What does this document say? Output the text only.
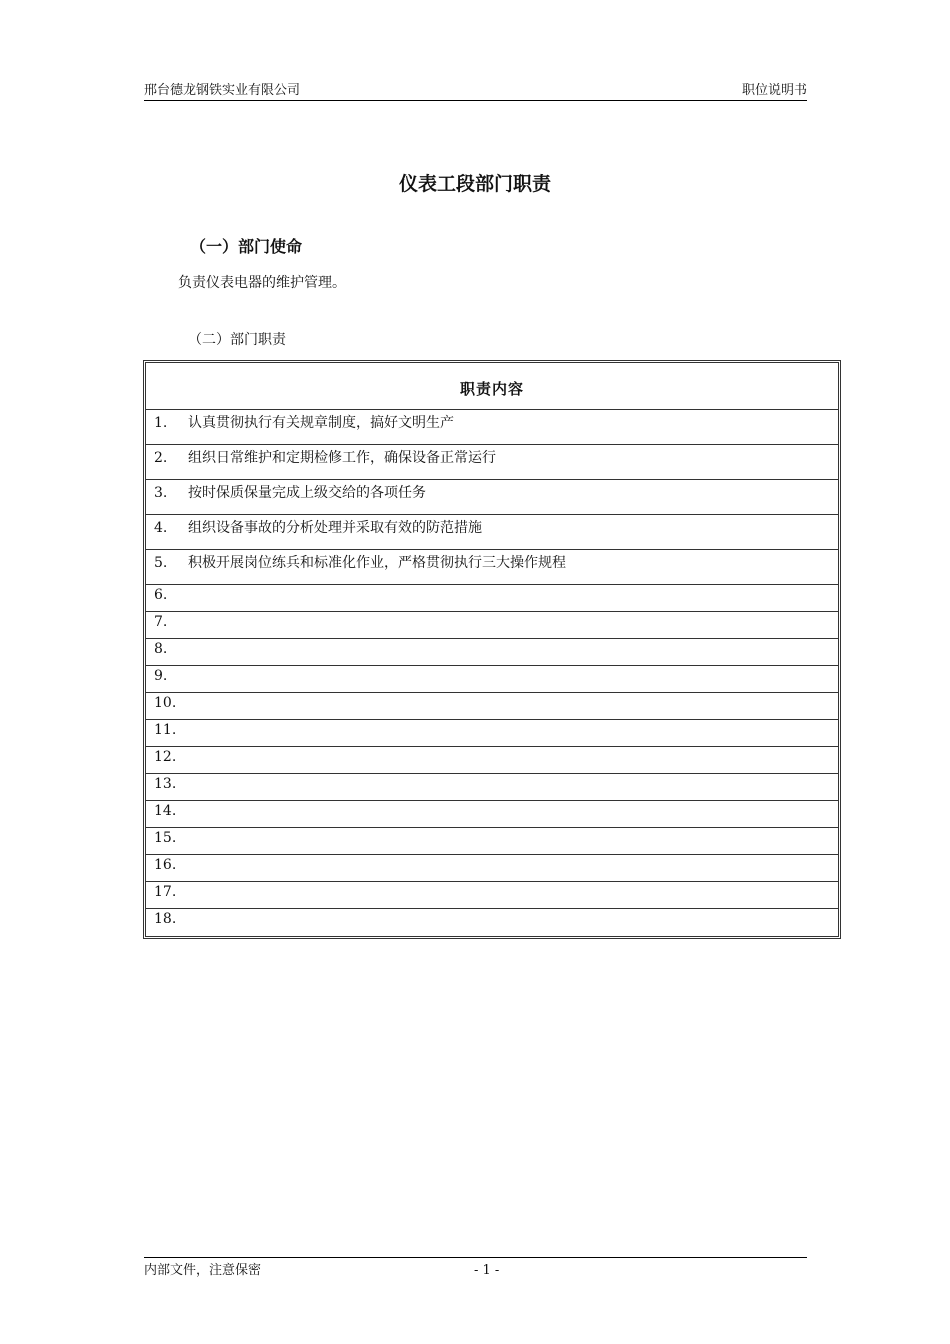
邢台德龙钢铁实业有限公司	职位说明书
仪表工段部门职责
（一）部门使命
负责仪表电器的维护管理。
（二）部门职责
职责内容
1. 认真贯彻执行有关规章制度，搞好文明生产
2. 组织日常维护和定期检修工作，确保设备正常运行
3. 按时保质保量完成上级交给的各项任务
4. 组织设备事故的分析处理并采取有效的防范措施
5. 积极开展岗位练兵和标准化作业，严格贯彻执行三大操作规程
6.
7.
8.
9.
10.
11.
12.
13.
14.
15.
16.
17.
18.
内部文件，注意保密	- 1 -
